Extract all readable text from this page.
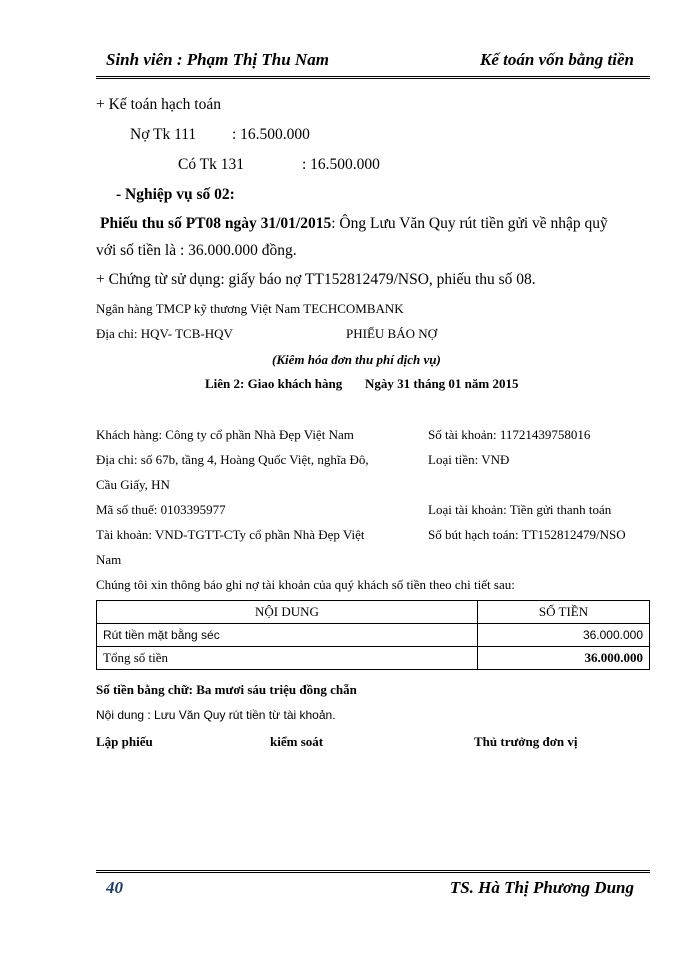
Sinh viên : Phạm Thị Thu Nam	Kế toán vốn bằng tiền
+ Kế toán hạch toán
Nợ Tk 111 : 16.500.000
Có Tk 131	: 16.500.000
- Nghiệp vụ số 02:
Phiếu thu số PT08 ngày 31/01/2015: Ông Lưu Văn Quy rút tiền gửi về nhập quỹ
với số tiền là : 36.000.000 đồng.
+ Chứng từ sử dụng: giấy báo nợ TT152812479/NSO, phiếu thu số 08.
Ngân hàng TMCP kỹ thương Việt Nam TECHCOMBANK
Địa chỉ: HQV- TCB-HQV	PHIẾU BÁO NỢ
(Kiêm hóa đơn thu phí dịch vụ)
Liên 2: Giao khách hàng Ngày 31 tháng 01 năm 2015
Khách hàng: Công ty cổ phần Nhà Đẹp Việt Nam	Số tài khoản: 11721439758016
Địa chỉ: số 67b, tầng 4, Hoàng Quốc Việt, nghĩa Đô,	Loại tiền: VNĐ
Cầu Giấy, HN
Mã số thuế: 0103395977	Loại tài khoản: Tiền gửi thanh toán
Tài khoản: VND-TGTT-CTy cổ phần Nhà Đẹp Việt	Số bút hạch toán: TT152812479/NSO
Nam
Chúng tôi xin thông báo ghi nợ tài khoản của quý khách số tiền theo chi tiết sau:
NỘI DUNG	SỐ TIỀN
Rút tiền mặt bằng séc	36.000.000
Tổng số tiền	36.000.000
Số tiền bằng chữ: Ba mươi sáu triệu đồng chẵn
Nội dung : Lưu Văn Quy rút tiền từ tài khoản.
Lập phiếu	kiểm soát	Thủ trưởng đơn vị
40	TS. Hà Thị Phương Dung
